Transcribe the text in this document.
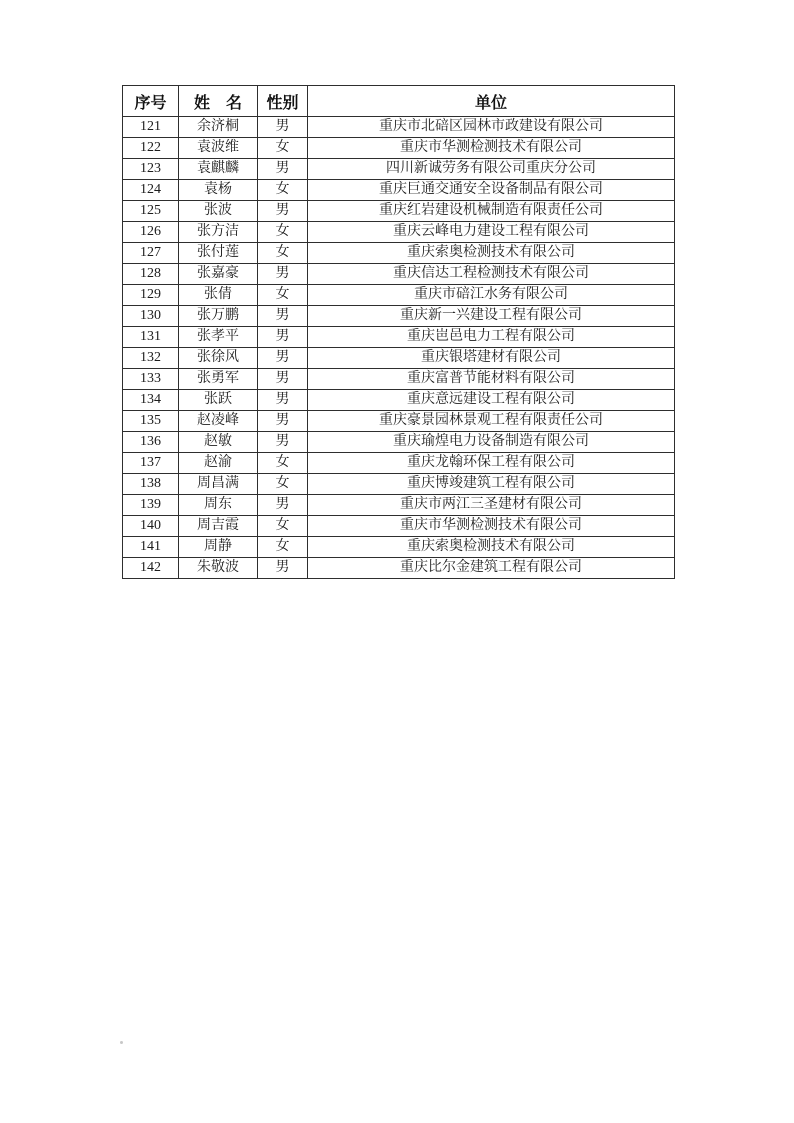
序号	姓　名	性别	单位
121	余济桐	男	重庆市北碚区园林市政建设有限公司
122	袁波维	女	重庆市华测检测技术有限公司
123	袁麒麟	男	四川新诚劳务有限公司重庆分公司
124	袁杨	女	重庆巨通交通安全设备制品有限公司
125	张波	男	重庆红岩建设机械制造有限责任公司
126	张方洁	女	重庆云峰电力建设工程有限公司
127	张付莲	女	重庆索奥检测技术有限公司
128	张嘉豪	男	重庆信达工程检测技术有限公司
129	张倩	女	重庆市碚江水务有限公司
130	张万鹏	男	重庆新一兴建设工程有限公司
131	张孝平	男	重庆岜邑电力工程有限公司
132	张徐风	男	重庆银塔建材有限公司
133	张勇军	男	重庆富普节能材料有限公司
134	张跃	男	重庆意远建设工程有限公司
135	赵凌峰	男	重庆豪景园林景观工程有限责任公司
136	赵敏	男	重庆瑜煌电力设备制造有限公司
137	赵渝	女	重庆龙翰环保工程有限公司
138	周昌满	女	重庆博竣建筑工程有限公司
139	周东	男	重庆市两江三圣建材有限公司
140	周吉霞	女	重庆市华测检测技术有限公司
141	周静	女	重庆索奥检测技术有限公司
142	朱敬波	男	重庆比尔金建筑工程有限公司
